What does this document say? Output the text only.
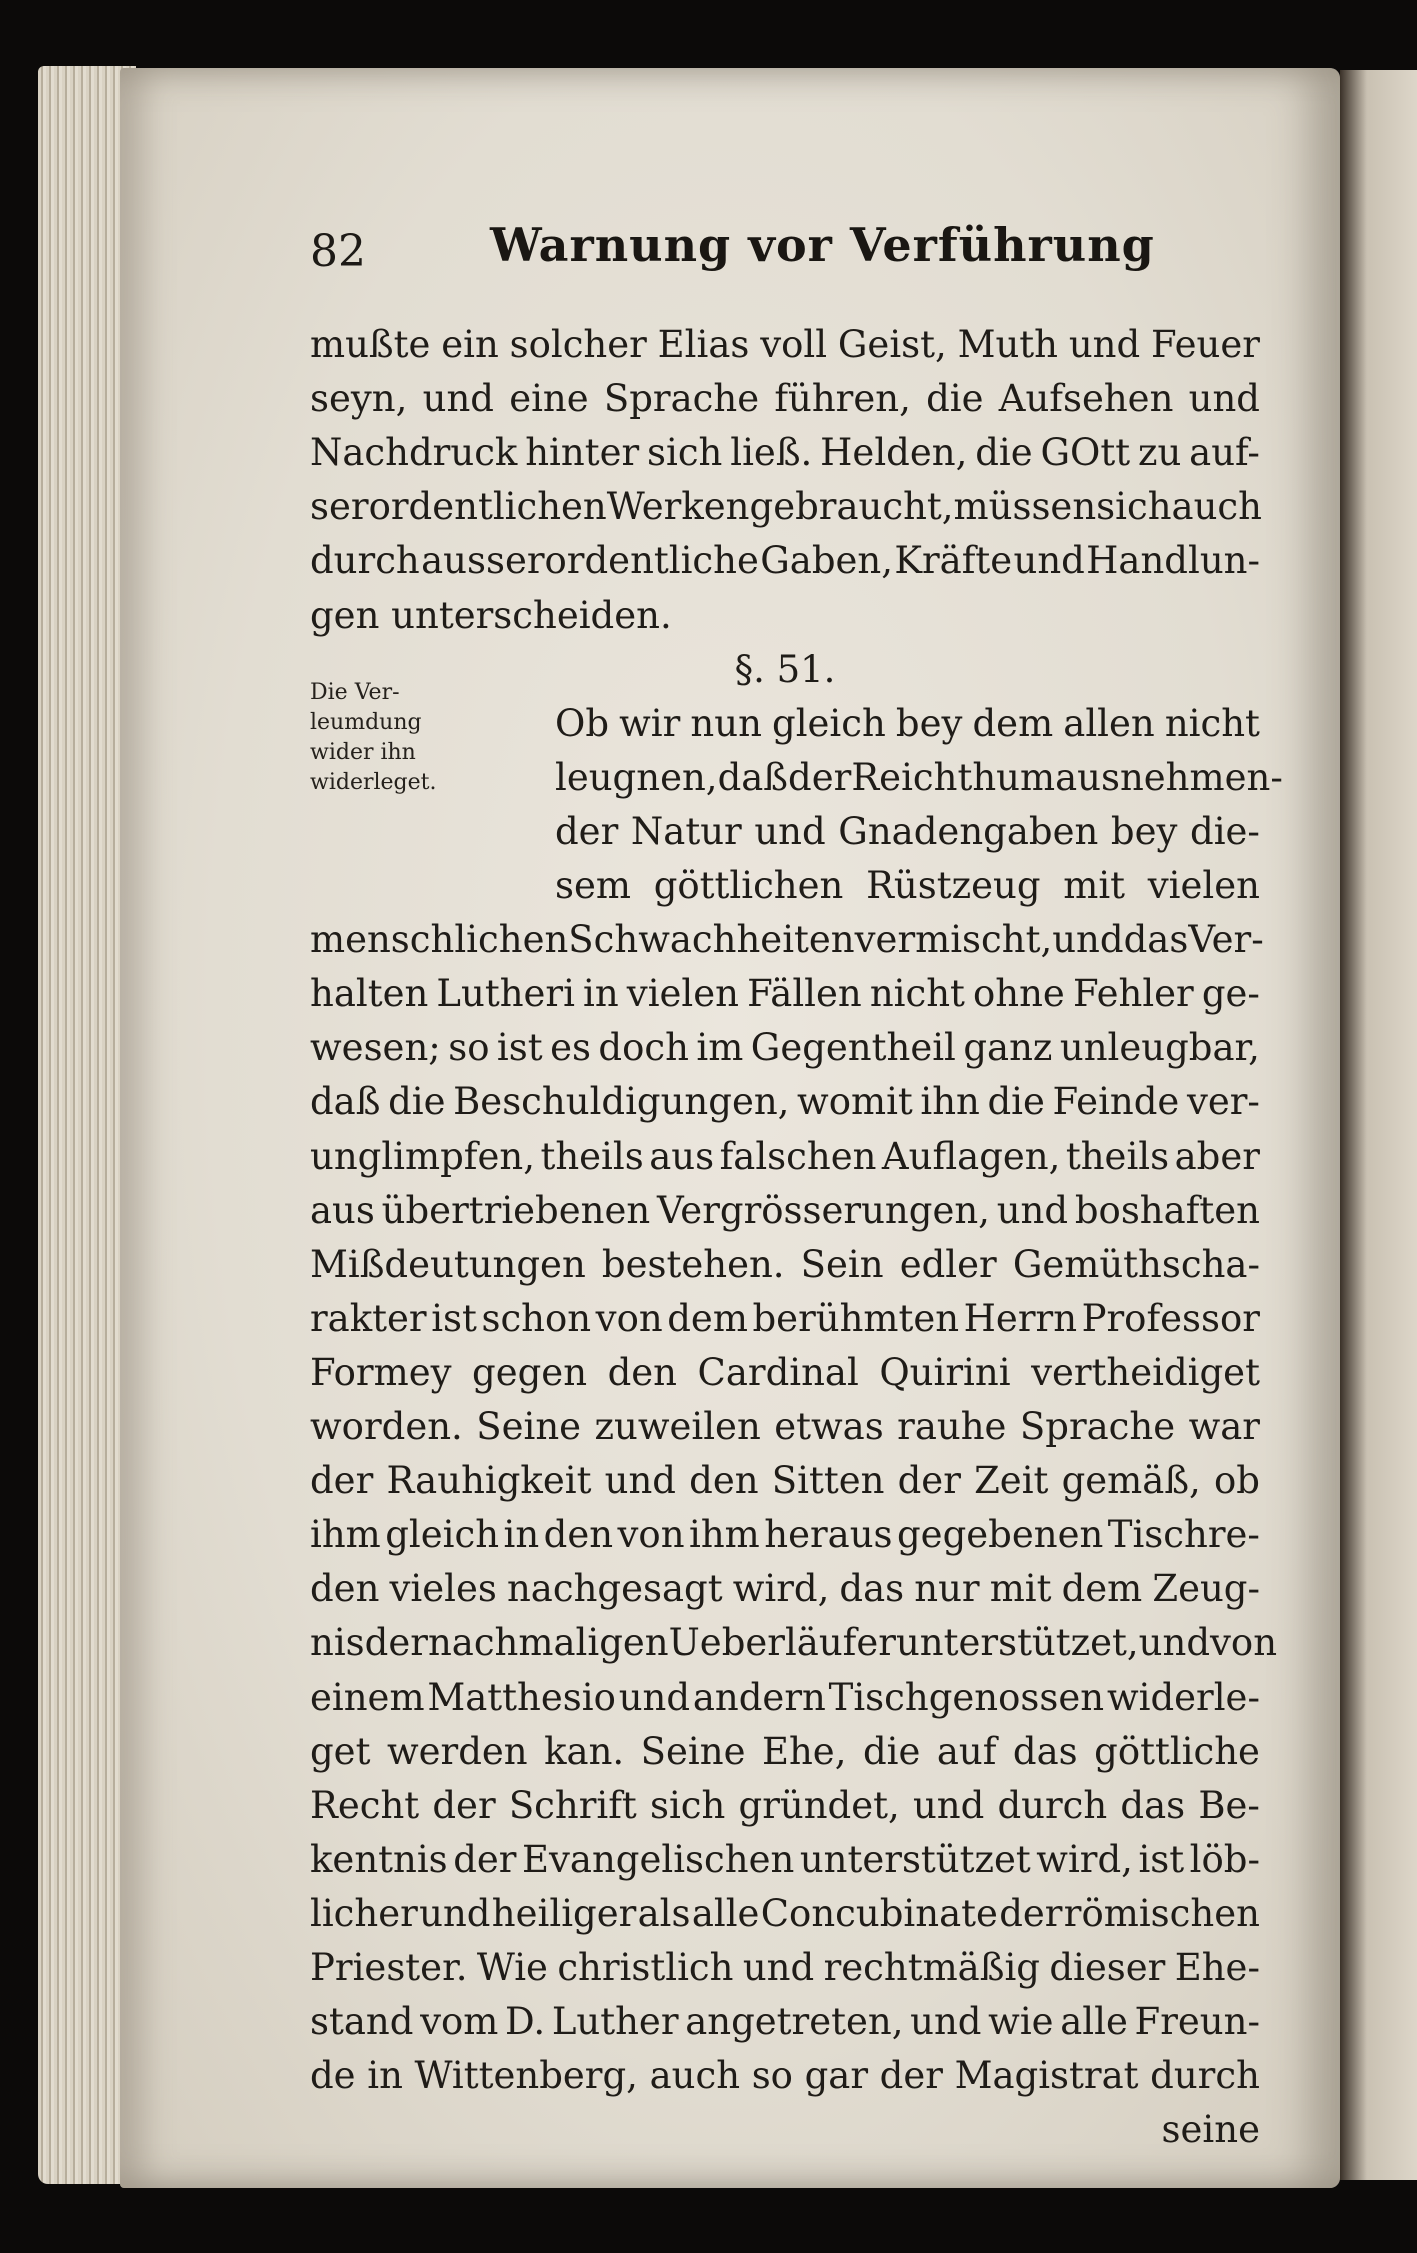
82	Warnung vor Verführung
Die Ver-
leumdung
wider ihn
widerleget.
mußte ein solcher Elias voll Geist, Muth und Feuer
seyn, und eine Sprache führen, die Aufsehen und
Nachdruck hinter sich ließ. Helden, die GOtt zu auf-
serordentlichen Werken gebraucht, müssen sich auch
durch ausserordentliche Gaben, Kräfte und Handlun-
gen unterscheiden.
§. 51.
Ob wir nun gleich bey dem allen nicht
leugnen, daß der Reichthum ausnehmen-
der Natur und Gnadengaben bey die-
sem göttlichen Rüstzeug mit vielen
menschlichen Schwachheiten vermischt, und das Ver-
halten Lutheri in vielen Fällen nicht ohne Fehler ge-
wesen; so ist es doch im Gegentheil ganz unleugbar,
daß die Beschuldigungen, womit ihn die Feinde ver-
unglimpfen, theils aus falschen Auflagen, theils aber
aus übertriebenen Vergrösserungen, und boshaften
Mißdeutungen bestehen. Sein edler Gemüthscha-
rakter ist schon von dem berühmten Herrn Professor
Formey gegen den Cardinal Quirini vertheidiget
worden. Seine zuweilen etwas rauhe Sprache war
der Rauhigkeit und den Sitten der Zeit gemäß, ob
ihm gleich in den von ihm heraus gegebenen Tischre-
den vieles nachgesagt wird, das nur mit dem Zeug-
nis der nachmaligen Ueberläufer unterstützet, und von
einem Matthesio und andern Tischgenossen widerle-
get werden kan. Seine Ehe, die auf das göttliche
Recht der Schrift sich gründet, und durch das Be-
kentnis der Evangelischen unterstützet wird, ist löb-
licher und heiliger als alle Concubinate der römischen
Priester. Wie christlich und rechtmäßig dieser Ehe-
stand vom D. Luther angetreten, und wie alle Freun-
de in Wittenberg, auch so gar der Magistrat durch
seine
